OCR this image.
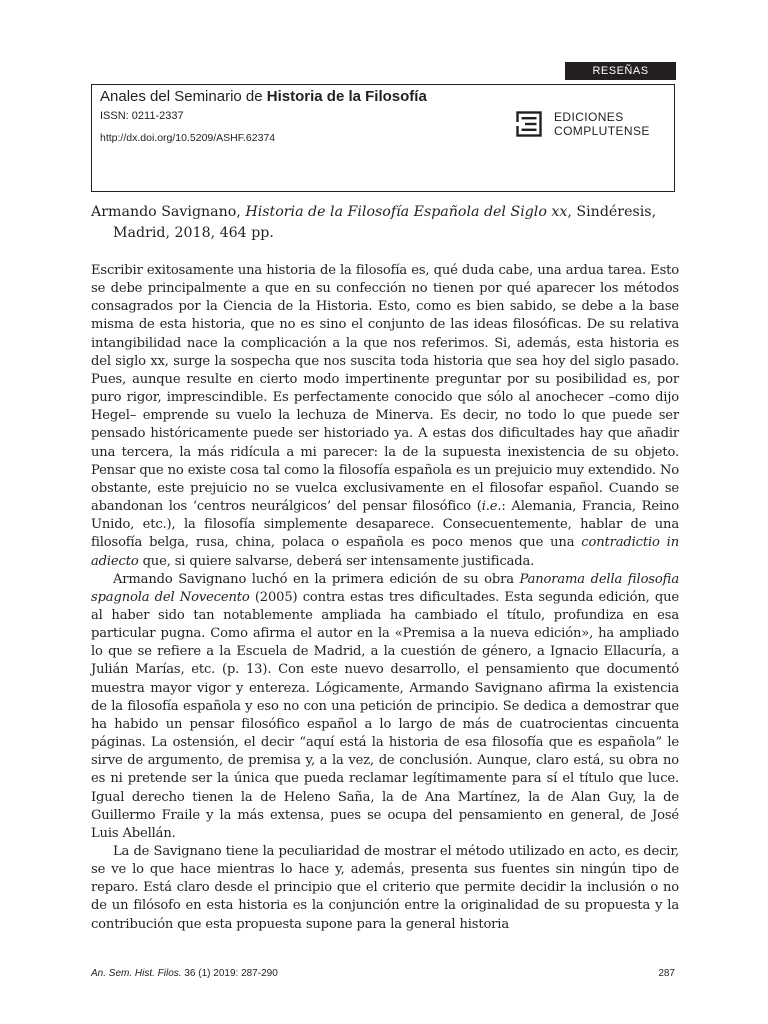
RESEÑAS
Anales del Seminario de Historia de la Filosofía
ISSN: 0211-2337
http://dx.doi.org/10.5209/ASHF.62374
EDICIONES
COMPLUTENSE
Armando Savignano, Historia de la Filosofía Española del Siglo xx, Sindéresis, Madrid, 2018, 464 pp.

Escribir exitosamente una historia de la filosofía es, qué duda cabe, una ardua tarea. Esto se debe principalmente a que en su confección no tienen por qué aparecer los métodos consagrados por la Ciencia de la Historia. Esto, como es bien sabido, se debe a la base misma de esta historia, que no es sino el conjunto de las ideas filosóficas. De su relativa intangibilidad nace la complicación a la que nos referimos. Si, además, esta historia es del siglo xx, surge la sospecha que nos suscita toda historia que sea hoy del siglo pasado. Pues, aunque resulte en cierto modo impertinente preguntar por su posibilidad es, por puro rigor, imprescindible. Es perfectamente conocido que sólo al anochecer –como dijo Hegel– emprende su vuelo la lechuza de Minerva. Es decir, no todo lo que puede ser pensado históricamente puede ser historiado ya. A estas dos dificultades hay que añadir una tercera, la más ridícula a mi parecer: la de la supuesta inexistencia de su objeto. Pensar que no existe cosa tal como la filosofía española es un prejuicio muy extendido. No obstante, este prejuicio no se vuelca exclusivamente en el filosofar español. Cuando se abandonan los ‘centros neurálgicos’ del pensar filosófico (i.e.: Alemania, Francia, Reino Unido, etc.), la filosofía simplemente desaparece. Consecuentemente, hablar de una filosofía belga, rusa, china, polaca o española es poco menos que una contradictio in adiecto que, si quiere salvarse, deberá ser intensamente justificada.

Armando Savignano luchó en la primera edición de su obra Panorama della filosofia spagnola del Novecento (2005) contra estas tres dificultades. Esta segunda edición, que al haber sido tan notablemente ampliada ha cambiado el título, profundiza en esa particular pugna. Como afirma el autor en la «Premisa a la nueva edición», ha ampliado lo que se refiere a la Escuela de Madrid, a la cuestión de género, a Ignacio Ellacuría, a Julián Marías, etc. (p. 13). Con este nuevo desarrollo, el pensamiento que documentó muestra mayor vigor y entereza. Lógicamente, Armando Savignano afirma la existencia de la filosofía española y eso no con una petición de principio. Se dedica a demostrar que ha habido un pensar filosófico español a lo largo de más de cuatrocientas cincuenta páginas. La ostensión, el decir “aquí está la historia de esa filosofía que es española” le sirve de argumento, de premisa y, a la vez, de conclusión. Aunque, claro está, su obra no es ni pretende ser la única que pueda reclamar legítimamente para sí el título que luce. Igual derecho tienen la de Heleno Saña, la de Ana Martínez, la de Alan Guy, la de Guillermo Fraile y la más extensa, pues se ocupa del pensamiento en general, de José Luis Abellán.

La de Savignano tiene la peculiaridad de mostrar el método utilizado en acto, es decir, se ve lo que hace mientras lo hace y, además, presenta sus fuentes sin ningún tipo de reparo. Está claro desde el principio que el criterio que permite decidir la inclusión o no de un filósofo en esta historia es la conjunción entre la originalidad de su propuesta y la contribución que esta propuesta supone para la general historia

An. Sem. Hist. Filos. 36 (1) 2019: 287-290	287
